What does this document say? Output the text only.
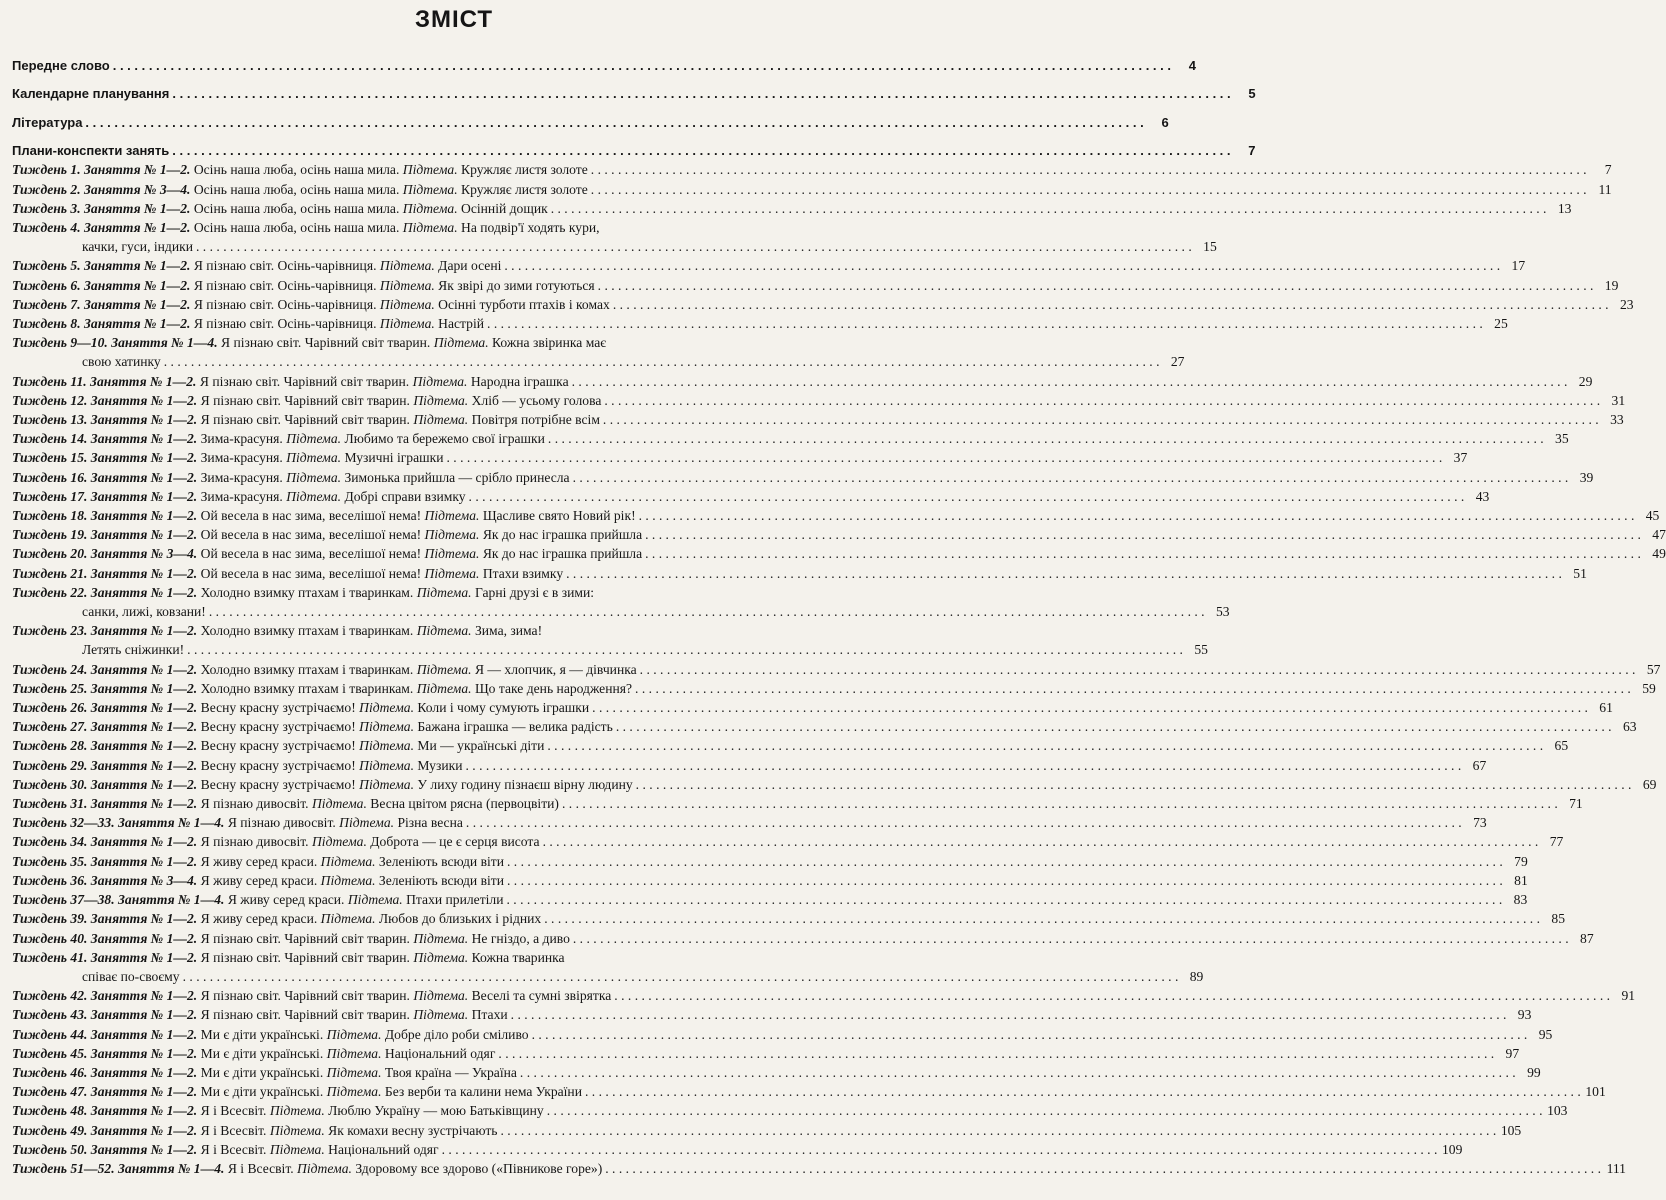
ЗМІСТ
Передне слово . . .	4
Календарне планування . . .	5
Література . . .	6
Плани-конспекти занять . . .	7
Тиждень 1. Заняття № 1—2. Осінь наша люба, осінь наша мила. Підтема. Кружляє листя золоте . . .	7
Тиждень 2. Заняття № 3—4. Осінь наша люба, осінь наша мила. Підтема. Кружляє листя золоте . . .	11
Тиждень 3. Заняття № 1—2. Осінь наша люба, осінь наша мила. Підтема. Осінній дощик . . .	13
Тиждень 4. Заняття № 1—2. Осінь наша люба, осінь наша мила. Підтема. На подвір'ї ходять кури,
качки, гуси, індики . . .	15
Тиждень 5. Заняття № 1—2. Я пізнаю світ. Осінь-чарівниця. Підтема. Дари осені . . .	17
Тиждень 6. Заняття № 1—2. Я пізнаю світ. Осінь-чарівниця. Підтема. Як звірі до зими готуються . . .	19
Тиждень 7. Заняття № 1—2. Я пізнаю світ. Осінь-чарівниця. Підтема. Осінні турботи птахів і комах . . .	23
Тиждень 8. Заняття № 1—2. Я пізнаю світ. Осінь-чарівниця. Підтема. Настрій . . .	25
Тиждень 9—10. Заняття № 1—4. Я пізнаю світ. Чарівний світ тварин. Підтема. Кожна звіринка має
свою хатинку . . .	27
Тиждень 11. Заняття № 1—2. Я пізнаю світ. Чарівний світ тварин. Підтема. Народна іграшка . . .	29
Тиждень 12. Заняття № 1—2. Я пізнаю світ. Чарівний світ тварин. Підтема. Хліб — усьому голова . . .	31
Тиждень 13. Заняття № 1—2. Я пізнаю світ. Чарівний світ тварин. Підтема. Повітря потрібне всім . . .	33
Тиждень 14. Заняття № 1—2. Зима-красуня. Підтема. Любимо та бережемо свої іграшки . . .	35
Тиждень 15. Заняття № 1—2. Зима-красуня. Підтема. Музичні іграшки . . .	37
Тиждень 16. Заняття № 1—2. Зима-красуня. Підтема. Зимонька прийшла — срібло принесла . . .	39
Тиждень 17. Заняття № 1—2. Зима-красуня. Підтема. Добрі справи взимку . . .	43
Тиждень 18. Заняття № 1—2. Ой весела в нас зима, веселішої нема! Підтема. Щасливе свято Новий рік! . . .	45
Тиждень 19. Заняття № 1—2. Ой весела в нас зима, веселішої нема! Підтема. Як до нас іграшка прийшла . . .	47
Тиждень 20. Заняття № 3—4. Ой весела в нас зима, веселішої нема! Підтема. Як до нас іграшка прийшла . . .	49
Тиждень 21. Заняття № 1—2. Ой весела в нас зима, веселішої нема! Підтема. Птахи взимку . . .	51
Тиждень 22. Заняття № 1—2. Холодно взимку птахам і тваринкам. Підтема. Гарні друзі є в зими:
санки, лижі, ковзани! . . .	53
Тиждень 23. Заняття № 1—2. Холодно взимку птахам і тваринкам. Підтема. Зима, зима!
Летять сніжинки! . . .	55
Тиждень 24. Заняття № 1—2. Холодно взимку птахам і тваринкам. Підтема. Я — хлопчик, я — дівчинка . . .	57
Тиждень 25. Заняття № 1—2. Холодно взимку птахам і тваринкам. Підтема. Що таке день народження? . . .	59
Тиждень 26. Заняття № 1—2. Весну красну зустрічаємо! Підтема. Коли і чому сумують іграшки . . .	61
Тиждень 27. Заняття № 1—2. Весну красну зустрічаємо! Підтема. Бажана іграшка — велика радість . . .	63
Тиждень 28. Заняття № 1—2. Весну красну зустрічаємо! Підтема. Ми — українські діти . . .	65
Тиждень 29. Заняття № 1—2. Весну красну зустрічаємо! Підтема. Музики . . .	67
Тиждень 30. Заняття № 1—2. Весну красну зустрічаємо! Підтема. У лиху годину пізнаєш вірну людину . . .	69
Тиждень 31. Заняття № 1—2. Я пізнаю дивосвіт. Підтема. Весна цвітом рясна (первоцвіти) . . .	71
Тиждень 32—33. Заняття № 1—4. Я пізнаю дивосвіт. Підтема. Різна весна . . .	73
Тиждень 34. Заняття № 1—2. Я пізнаю дивосвіт. Підтема. Доброта — це є серця висота . . .	77
Тиждень 35. Заняття № 1—2. Я живу серед краси. Підтема. Зеленіють всюди віти . . .	79
Тиждень 36. Заняття № 3—4. Я живу серед краси. Підтема. Зеленіють всюди віти . . .	81
Тиждень 37—38. Заняття № 1—4. Я живу серед краси. Підтема. Птахи прилетіли . . .	83
Тиждень 39. Заняття № 1—2. Я живу серед краси. Підтема. Любов до близьких і рідних . . .	85
Тиждень 40. Заняття № 1—2. Я пізнаю світ. Чарівний світ тварин. Підтема. Не гніздо, а диво . . .	87
Тиждень 41. Заняття № 1—2. Я пізнаю світ. Чарівний світ тварин. Підтема. Кожна тваринка
співає по-своєму . . .	89
Тиждень 42. Заняття № 1—2. Я пізнаю світ. Чарівний світ тварин. Підтема. Веселі та сумні звірятка . . .	91
Тиждень 43. Заняття № 1—2. Я пізнаю світ. Чарівний світ тварин. Підтема. Птахи . . .	93
Тиждень 44. Заняття № 1—2. Ми є діти українські. Підтема. Добре діло роби сміливо . . .	95
Тиждень 45. Заняття № 1—2. Ми є діти українські. Підтема. Національний одяг . . .	97
Тиждень 46. Заняття № 1—2. Ми є діти українські. Підтема. Твоя країна — Україна . . .	99
Тиждень 47. Заняття № 1—2. Ми є діти українські. Підтема. Без верби та калини нема України . . .	101
Тиждень 48. Заняття № 1—2. Я і Всесвіт. Підтема. Люблю Україну — мою Батьківщину . . .	103
Тиждень 49. Заняття № 1—2. Я і Всесвіт. Підтема. Як комахи весну зустрічають . . .	105
Тиждень 50. Заняття № 1—2. Я і Всесвіт. Підтема. Національний одяг . . .	109
Тиждень 51—52. Заняття № 1—4. Я і Всесвіт. Підтема. Здоровому все здорово («Півникове горе») . . .	111
